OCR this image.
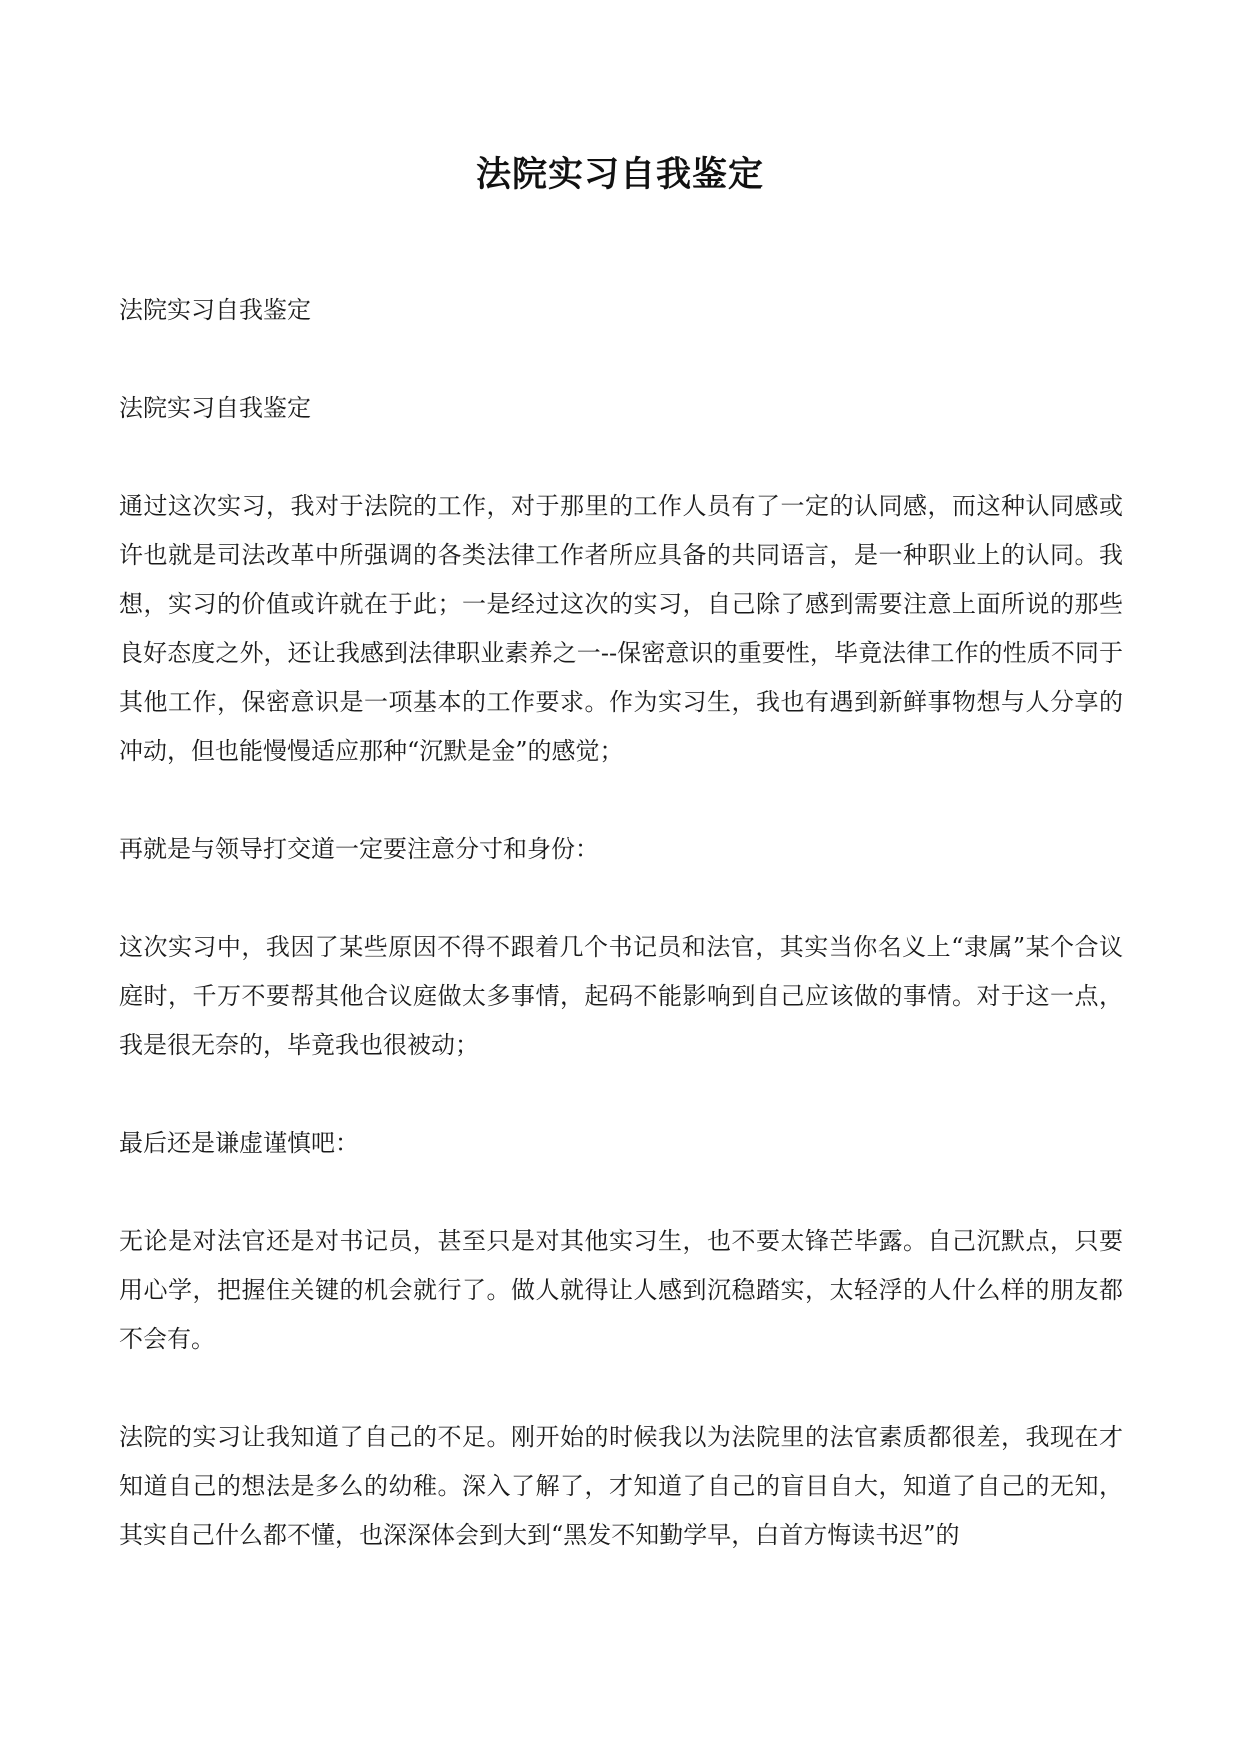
法院实习自我鉴定

法院实习自我鉴定

法院实习自我鉴定

通过这次实习，我对于法院的工作，对于那里的工作人员有了一定的认同感，而这种认同感或许也就是司法改革中所强调的各类法律工作者所应具备的共同语言，是一种职业上的认同。我想，实习的价值或许就在于此；一是经过这次的实习，自己除了感到需要注意上面所说的那些良好态度之外，还让我感到法律职业素养之一--保密意识的重要性，毕竟法律工作的性质不同于其他工作，保密意识是一项基本的工作要求。作为实习生，我也有遇到新鲜事物想与人分享的冲动，但也能慢慢适应那种“沉默是金”的感觉；

再就是与领导打交道一定要注意分寸和身份：

这次实习中，我因了某些原因不得不跟着几个书记员和法官，其实当你名义上“隶属”某个合议庭时，千万不要帮其他合议庭做太多事情，起码不能影响到自己应该做的事情。对于这一点，我是很无奈的，毕竟我也很被动；

最后还是谦虚谨慎吧：

无论是对法官还是对书记员，甚至只是对其他实习生，也不要太锋芒毕露。自己沉默点，只要用心学，把握住关键的机会就行了。做人就得让人感到沉稳踏实，太轻浮的人什么样的朋友都不会有。

法院的实习让我知道了自己的不足。刚开始的时候我以为法院里的法官素质都很差，我现在才知道自己的想法是多么的幼稚。深入了解了，才知道了自己的盲目自大，知道了自己的无知，其实自己什么都不懂，也深深体会到大到“黑发不知勤学早，白首方悔读书迟”的
